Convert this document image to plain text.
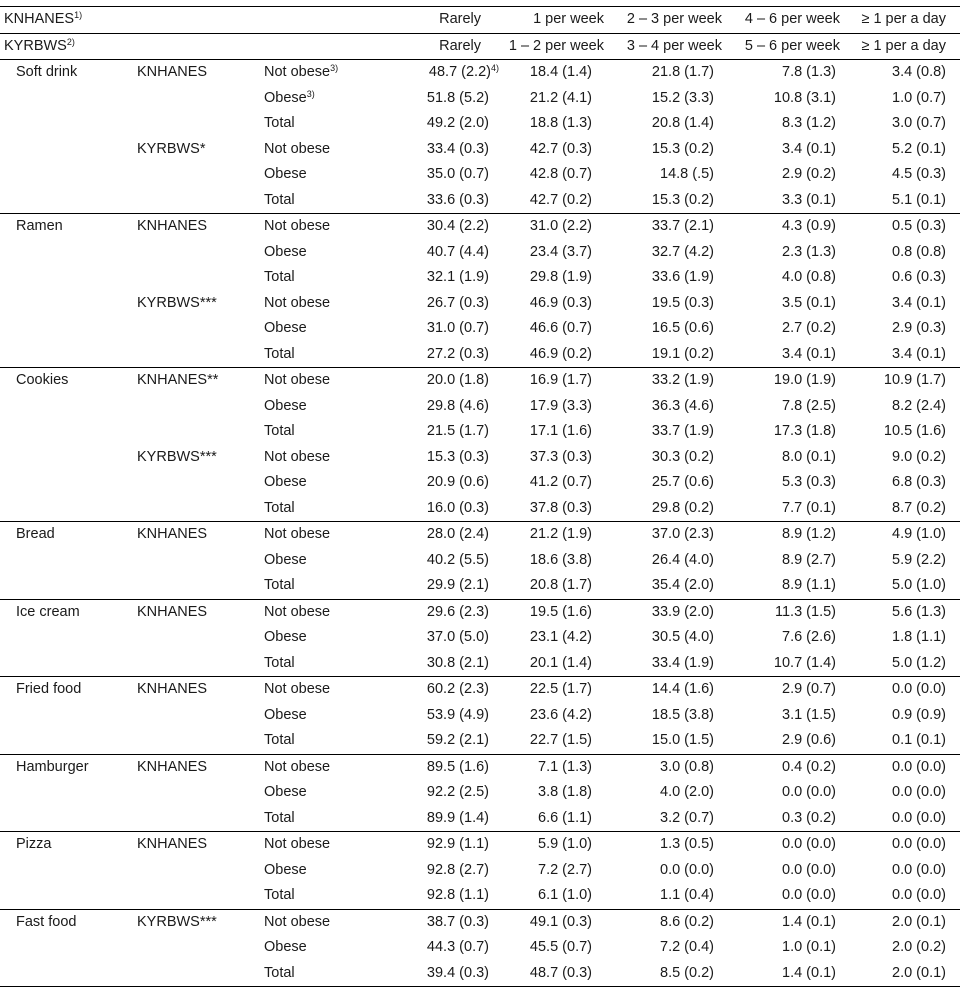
KNHANES$^{1)}$			Rarely	1 per week	2 – 3 per week	4 – 6 per week	≥ 1 per a day
KYRBWS$^{2)}$			Rarely	1 – 2 per week	3 – 4 per week	5 – 6 per week	≥ 1 per a day
Soft drink	KNHANES	Not obese$^{3)}$	48.7 $(2.2)^{4)}$	18.4 (1.4)	21.8 (1.7)	7.8 (1.3)	3.4 (0.8)
		Obese$^{3)}$	51.8 (5.2)	21.2 (4.1)	15.2 (3.3)	10.8 (3.1)	1.0 (0.7)
		Total	49.2 (2.0)	18.8 (1.3)	20.8 (1.4)	8.3 (1.2)	3.0 (0.7)
	KYRBWS*	Not obese	33.4 (0.3)	42.7 (0.3)	15.3 (0.2)	3.4 (0.1)	5.2 (0.1)
		Obese	35.0 (0.7)	42.8 (0.7)	14.8 (.5)	2.9 (0.2)	4.5 (0.3)
		Total	33.6 (0.3)	42.7 (0.2)	15.3 (0.2)	3.3 (0.1)	5.1 (0.1)
Ramen	KNHANES	Not obese	30.4 (2.2)	31.0 (2.2)	33.7 (2.1)	4.3 (0.9)	0.5 (0.3)
		Obese	40.7 (4.4)	23.4 (3.7)	32.7 (4.2)	2.3 (1.3)	0.8 (0.8)
		Total	32.1 (1.9)	29.8 (1.9)	33.6 (1.9)	4.0 (0.8)	0.6 (0.3)
	KYRBWS***	Not obese	26.7 (0.3)	46.9 (0.3)	19.5 (0.3)	3.5 (0.1)	3.4 (0.1)
		Obese	31.0 (0.7)	46.6 (0.7)	16.5 (0.6)	2.7 (0.2)	2.9 (0.3)
		Total	27.2 (0.3)	46.9 (0.2)	19.1 (0.2)	3.4 (0.1)	3.4 (0.1)
Cookies	KNHANES**	Not obese	20.0 (1.8)	16.9 (1.7)	33.2 (1.9)	19.0 (1.9)	10.9 (1.7)
		Obese	29.8 (4.6)	17.9 (3.3)	36.3 (4.6)	7.8 (2.5)	8.2 (2.4)
		Total	21.5 (1.7)	17.1 (1.6)	33.7 (1.9)	17.3 (1.8)	10.5 (1.6)
	KYRBWS***	Not obese	15.3 (0.3)	37.3 (0.3)	30.3 (0.2)	8.0 (0.1)	9.0 (0.2)
		Obese	20.9 (0.6)	41.2 (0.7)	25.7 (0.6)	5.3 (0.3)	6.8 (0.3)
		Total	16.0 (0.3)	37.8 (0.3)	29.8 (0.2)	7.7 (0.1)	8.7 (0.2)
Bread	KNHANES	Not obese	28.0 (2.4)	21.2 (1.9)	37.0 (2.3)	8.9 (1.2)	4.9 (1.0)
		Obese	40.2 (5.5)	18.6 (3.8)	26.4 (4.0)	8.9 (2.7)	5.9 (2.2)
		Total	29.9 (2.1)	20.8 (1.7)	35.4 (2.0)	8.9 (1.1)	5.0 (1.0)
Ice cream	KNHANES	Not obese	29.6 (2.3)	19.5 (1.6)	33.9 (2.0)	11.3 (1.5)	5.6 (1.3)
		Obese	37.0 (5.0)	23.1 (4.2)	30.5 (4.0)	7.6 (2.6)	1.8 (1.1)
		Total	30.8 (2.1)	20.1 (1.4)	33.4 (1.9)	10.7 (1.4)	5.0 (1.2)
Fried food	KNHANES	Not obese	60.2 (2.3)	22.5 (1.7)	14.4 (1.6)	2.9 (0.7)	0.0 (0.0)
		Obese	53.9 (4.9)	23.6 (4.2)	18.5 (3.8)	3.1 (1.5)	0.9 (0.9)
		Total	59.2 (2.1)	22.7 (1.5)	15.0 (1.5)	2.9 (0.6)	0.1 (0.1)
Hamburger	KNHANES	Not obese	89.5 (1.6)	7.1 (1.3)	3.0 (0.8)	0.4 (0.2)	0.0 (0.0)
		Obese	92.2 (2.5)	3.8 (1.8)	4.0 (2.0)	0.0 (0.0)	0.0 (0.0)
		Total	89.9 (1.4)	6.6 (1.1)	3.2 (0.7)	0.3 (0.2)	0.0 (0.0)
Pizza	KNHANES	Not obese	92.9 (1.1)	5.9 (1.0)	1.3 (0.5)	0.0 (0.0)	0.0 (0.0)
		Obese	92.8 (2.7)	7.2 (2.7)	0.0 (0.0)	0.0 (0.0)	0.0 (0.0)
		Total	92.8 (1.1)	6.1 (1.0)	1.1 (0.4)	0.0 (0.0)	0.0 (0.0)
Fast food	KYRBWS***	Not obese	38.7 (0.3)	49.1 (0.3)	8.6 (0.2)	1.4 (0.1)	2.0 (0.1)
		Obese	44.3 (0.7)	45.5 (0.7)	7.2 (0.4)	1.0 (0.1)	2.0 (0.2)
		Total	39.4 (0.3)	48.7 (0.3)	8.5 (0.2)	1.4 (0.1)	2.0 (0.1)
